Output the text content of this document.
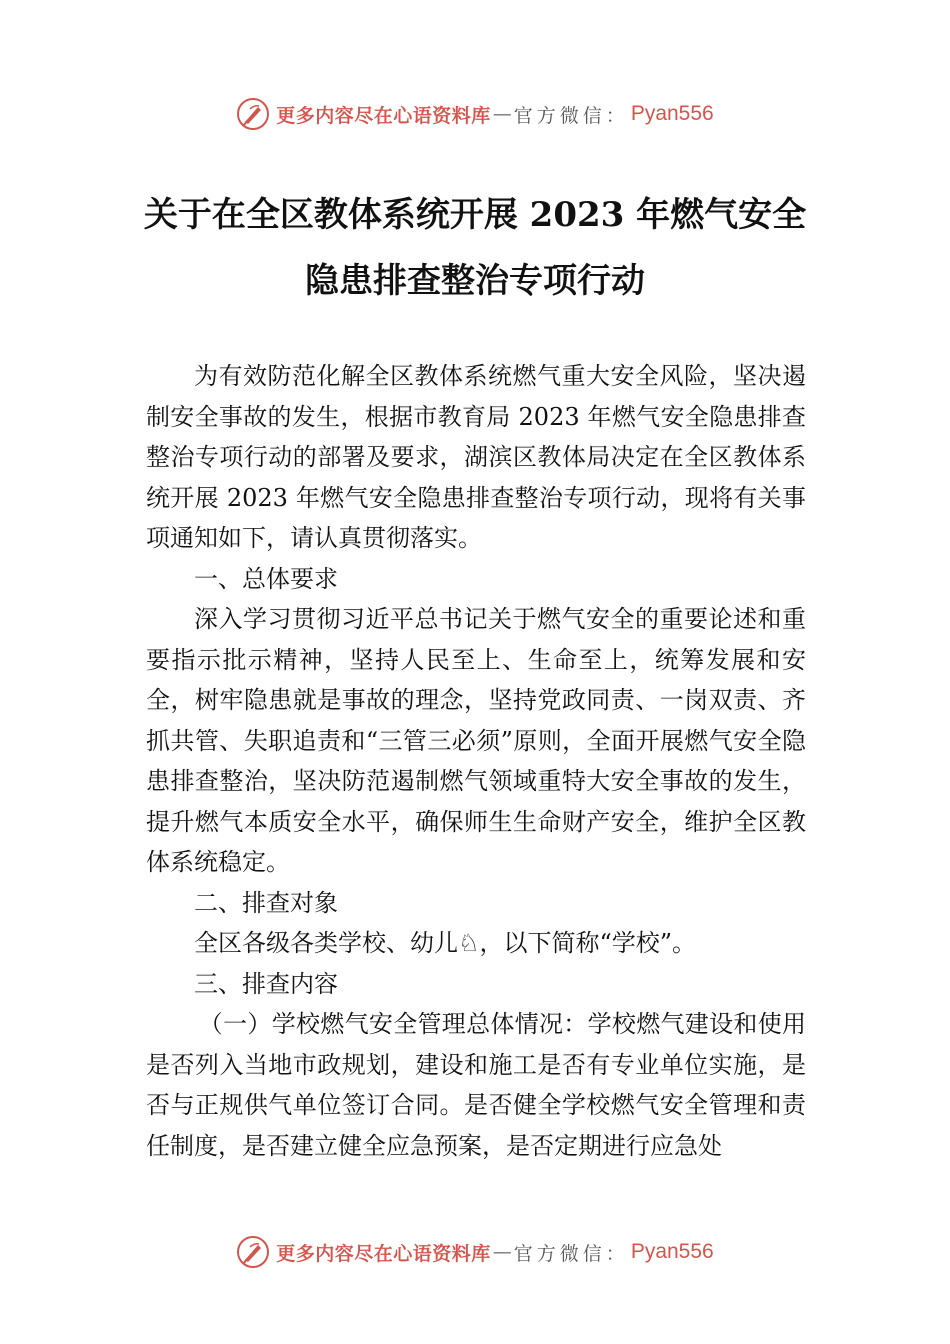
更多内容尽在心语资料库 — 官方微信： Pyan556
关于在全区教体系统开展 2023 年燃气安全
隐患排查整治专项行动

为有效防范化解全区教体系统燃气重大安全风险，坚决遏制安全事故的发生，根据市教育局 2023 年燃气安全隐患排查整治专项行动的部署及要求，湖滨区教体局决定在全区教体系统开展 2023 年燃气安全隐患排查整治专项行动，现将有关事项通知如下，请认真贯彻落实。

一、总体要求

深入学习贯彻习近平总书记关于燃气安全的重要论述和重要指示批示精神，坚持人民至上、生命至上，统筹发展和安全，树牢隐患就是事故的理念，坚持党政同责、一岗双责、齐抓共管、失职追责和“三管三必须”原则，全面开展燃气安全隐患排查整治，坚决防范遏制燃气领域重特大安全事故的发生，提升燃气本质安全水平，确保师生生命财产安全，维护全区教体系统稳定。

二、排查对象

全区各级各类学校、幼儿♘，以下简称“学校”。

三、排查内容

（一）学校燃气安全管理总体情况：学校燃气建设和使用是否列入当地市政规划，建设和施工是否有专业单位实施，是否与正规供气单位签订合同。是否健全学校燃气安全管理和责任制度，是否建立健全应急预案，是否定期进行应急处

更多内容尽在心语资料库 — 官方微信： Pyan556
